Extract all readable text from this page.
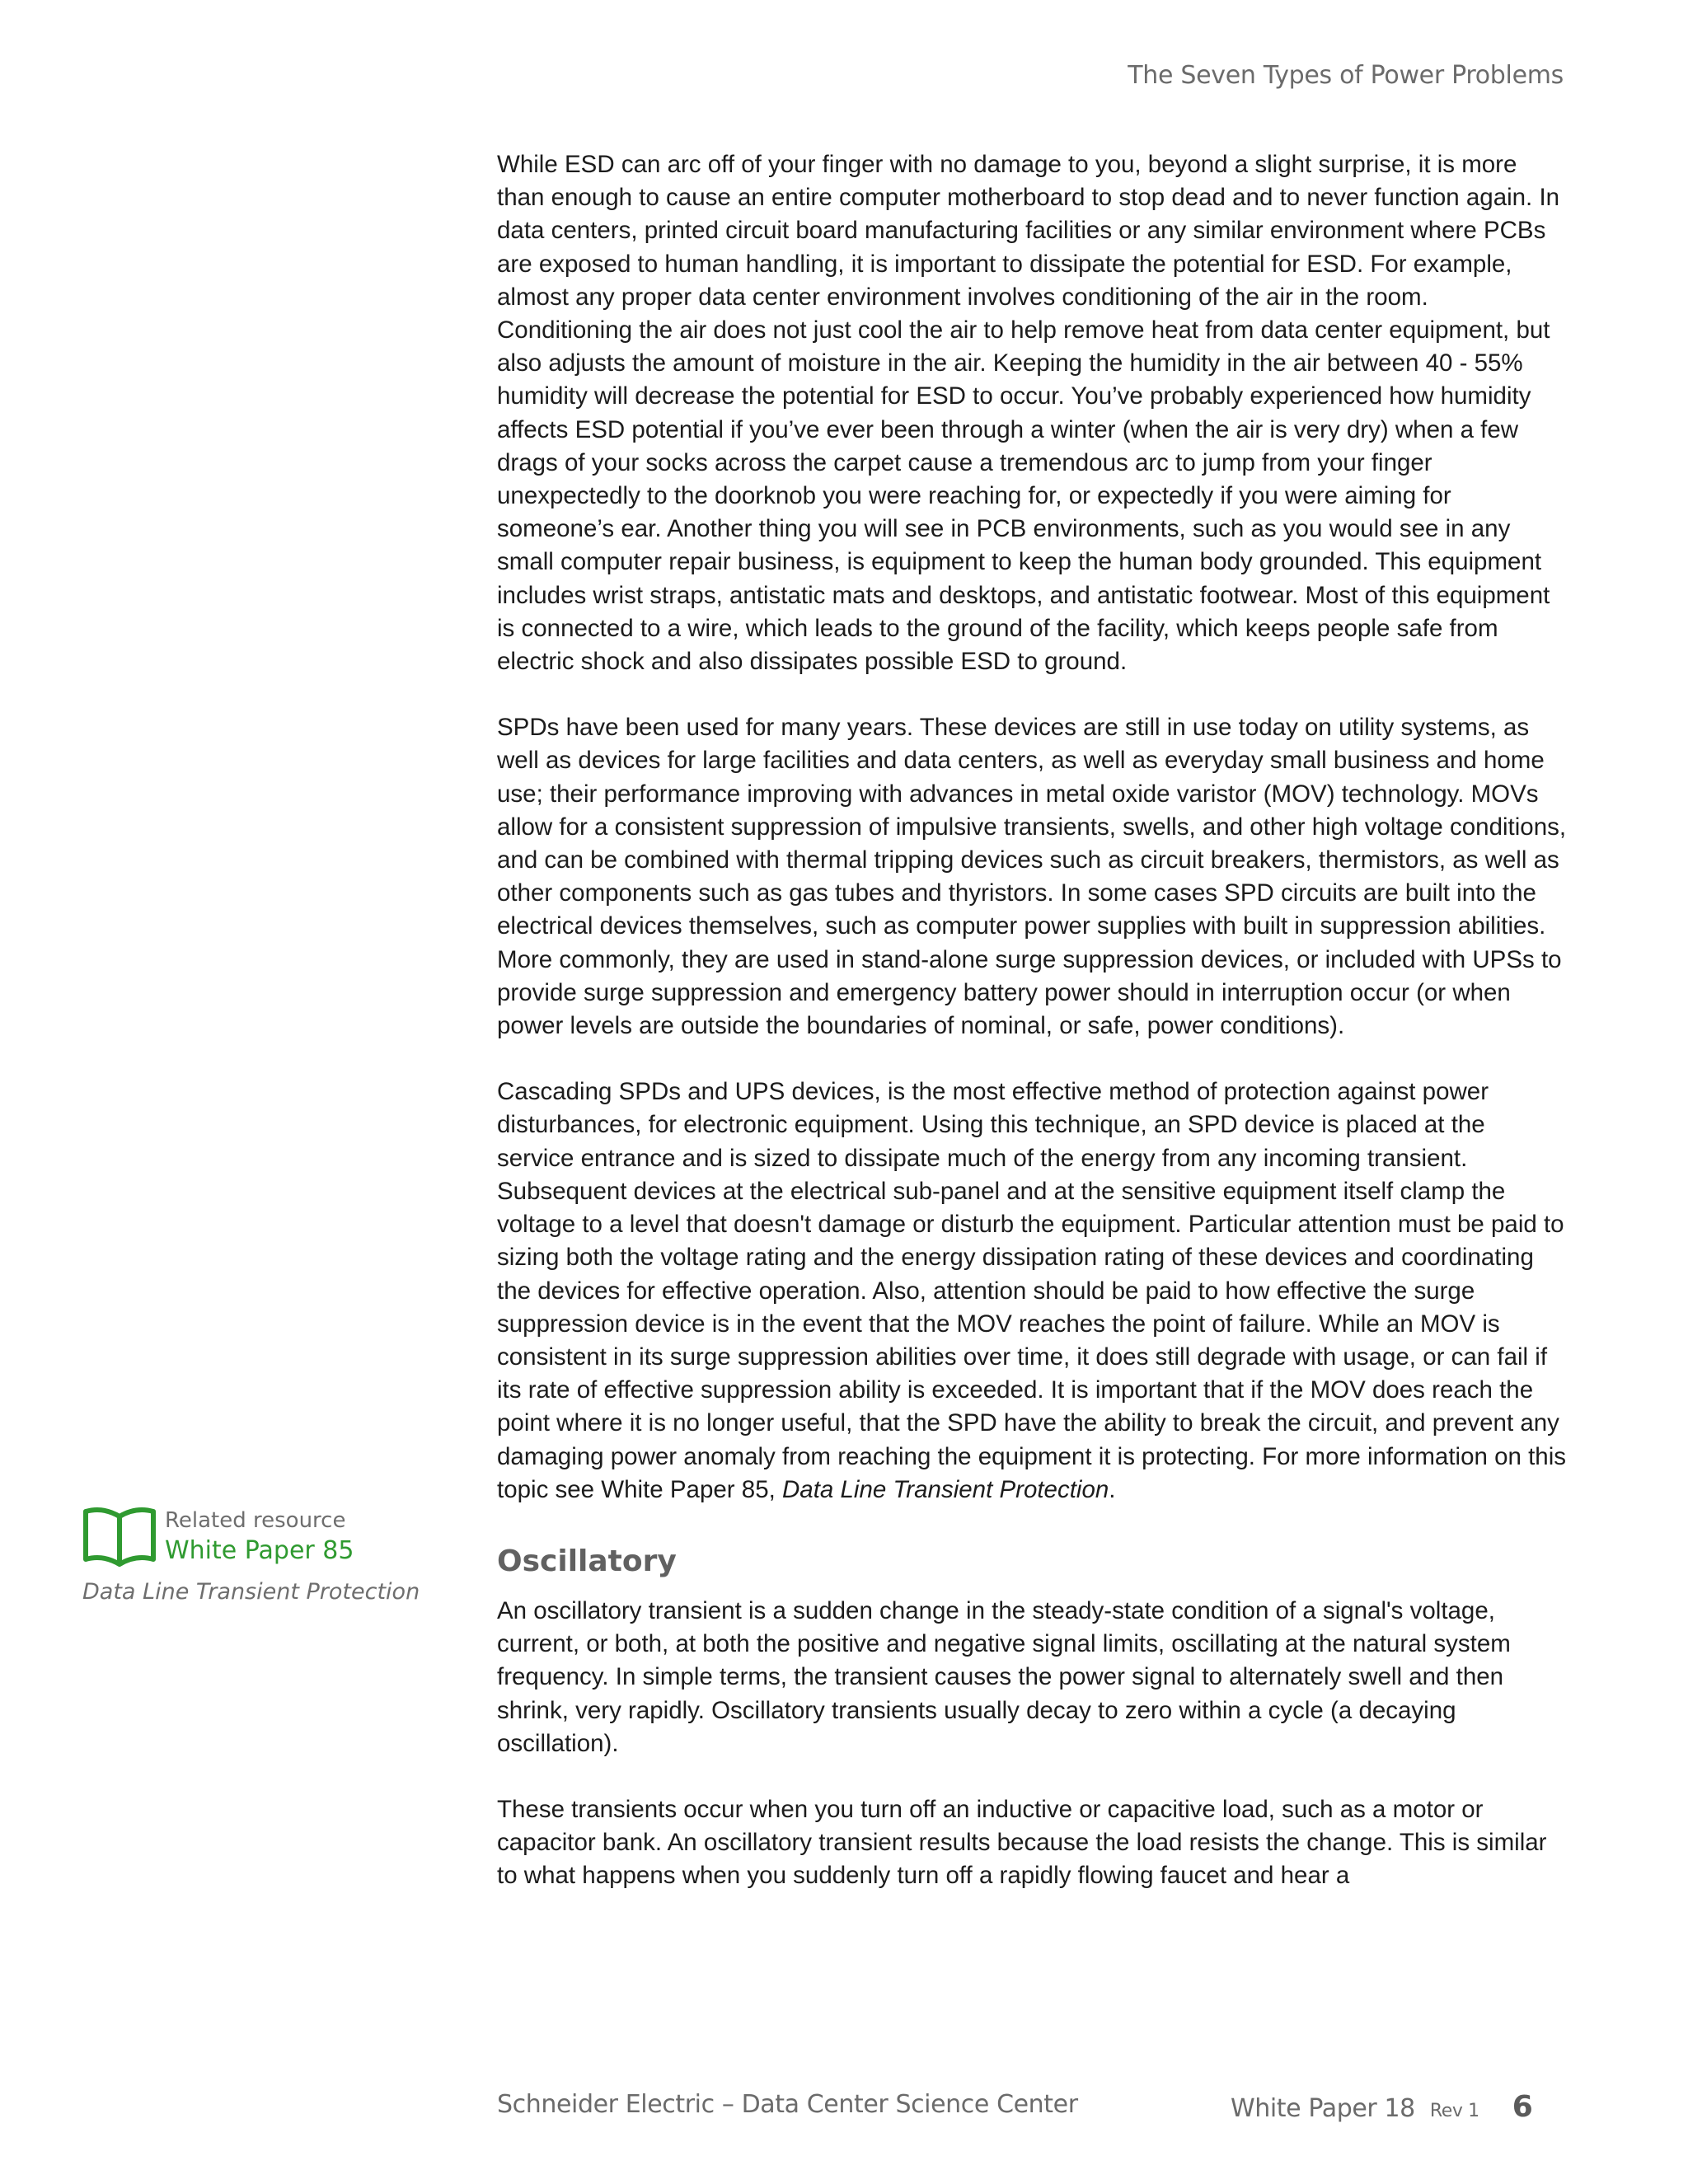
The Seven Types of Power Problems

While ESD can arc off of your finger with no damage to you, beyond a slight surprise, it is more than enough to cause an entire computer motherboard to stop dead and to never function again. In data centers, printed circuit board manufacturing facilities or any similar environment where PCBs are exposed to human handling, it is important to dissipate the potential for ESD. For example, almost any proper data center environment involves conditioning of the air in the room. Conditioning the air does not just cool the air to help remove heat from data center equipment, but also adjusts the amount of moisture in the air. Keeping the humidity in the air between 40 - 55% humidity will decrease the potential for ESD to occur. You’ve probably experienced how humidity affects ESD potential if you’ve ever been through a winter (when the air is very dry) when a few drags of your socks across the carpet cause a tremendous arc to jump from your finger unexpectedly to the doorknob you were reaching for, or expectedly if you were aiming for someone’s ear. Another thing you will see in PCB environments, such as you would see in any small computer repair business, is equipment to keep the human body grounded. This equipment includes wrist straps, antistatic mats and desktops, and antistatic footwear. Most of this equipment is connected to a wire, which leads to the ground of the facility, which keeps people safe from electric shock and also dissipates possible ESD to ground.

SPDs have been used for many years. These devices are still in use today on utility systems, as well as devices for large facilities and data centers, as well as everyday small business and home use; their performance improving with advances in metal oxide varistor (MOV) technology. MOVs allow for a consistent suppression of impulsive transients, swells, and other high voltage conditions, and can be combined with thermal tripping devices such as circuit breakers, thermistors, as well as other components such as gas tubes and thyristors. In some cases SPD circuits are built into the electrical devices themselves, such as computer power supplies with built in suppression abilities. More commonly, they are used in stand-alone surge suppression devices, or included with UPSs to provide surge suppression and emergency battery power should in interruption occur (or when power levels are outside the boundaries of nominal, or safe, power conditions).

Cascading SPDs and UPS devices, is the most effective method of protection against power disturbances, for electronic equipment. Using this technique, an SPD device is placed at the service entrance and is sized to dissipate much of the energy from any incoming transient. Subsequent devices at the electrical sub-panel and at the sensitive equipment itself clamp the voltage to a level that doesn't damage or disturb the equipment. Particular attention must be paid to sizing both the voltage rating and the energy dissipation rating of these devices and coordinating the devices for effective operation. Also, attention should be paid to how effective the surge suppression device is in the event that the MOV reaches the point of failure. While an MOV is consistent in its surge suppression abilities over time, it does still degrade with usage, or can fail if its rate of effective suppression ability is exceeded. It is important that if the MOV does reach the point where it is no longer useful, that the SPD have the ability to break the circuit, and prevent any damaging power anomaly from reaching the equipment it is protecting. For more information on this topic see White Paper 85, Data Line Transient Protection.

Oscillatory

An oscillatory transient is a sudden change in the steady-state condition of a signal's voltage, current, or both, at both the positive and negative signal limits, oscillating at the natural system frequency. In simple terms, the transient causes the power signal to alternately swell and then shrink, very rapidly. Oscillatory transients usually decay to zero within a cycle (a decaying oscillation).

These transients occur when you turn off an inductive or capacitive load, such as a motor or capacitor bank. An oscillatory transient results because the load resists the change. This is similar to what happens when you suddenly turn off a rapidly flowing faucet and hear a

Related resource
White Paper 85
Data Line Transient Protection
Schneider Electric – Data Center Science Center	White Paper 18 Rev 1 6
